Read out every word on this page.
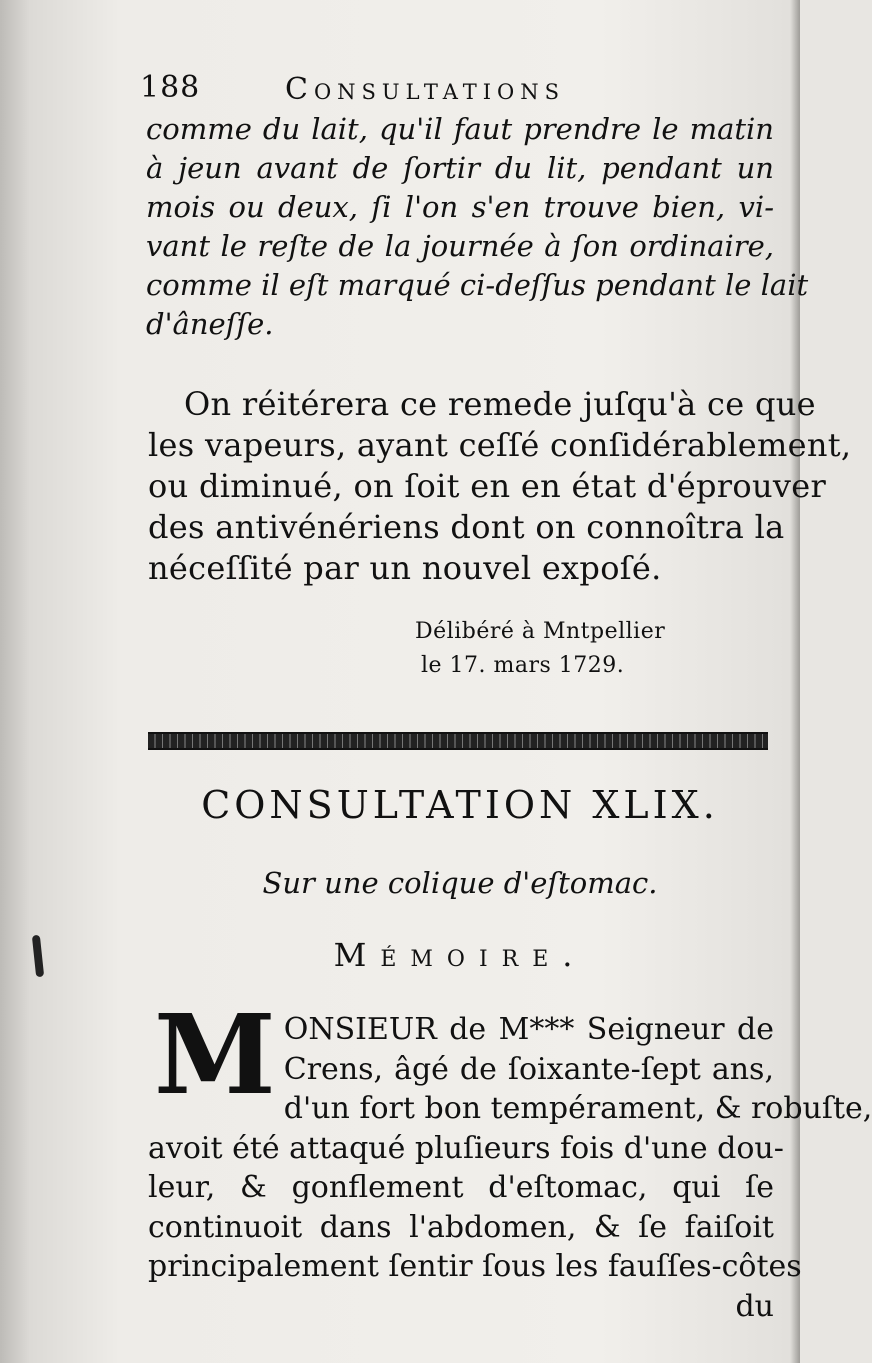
188	Consultations
comme du lait, qu'il faut prendre le matin
à jeun avant de ſortir du lit, pendant un
mois ou deux, ſi l'on s'en trouve bien, vi-
vant le reſte de la journée à ſon ordinaire,
comme il eſt marqué ci-deſſus pendant le lait
d'âneſſe.
On réitérera ce remede juſqu'à ce que
les vapeurs, ayant ceſſé conſidérablement,
ou diminué, on ſoit en en état d'éprouver
des antivénériens dont on connoîtra la
néceſſité par un nouvel expoſé.
Délibéré à Mntpellier
le 17. mars 1729.
CONSULTATION XLIX.
Sur une colique d'eſtomac.
Mémoire.
M ONSIEUR de M*** Seigneur de
Crens, âgé de ſoixante-ſept ans,
d'un fort bon tempérament, & robuſte,
avoit été attaqué pluſieurs fois d'une dou-
leur, & gonflement d'eſtomac, qui ſe
continuoit dans l'abdomen, & ſe faiſoit
principalement ſentir ſous les fauſſes-côtes
du
